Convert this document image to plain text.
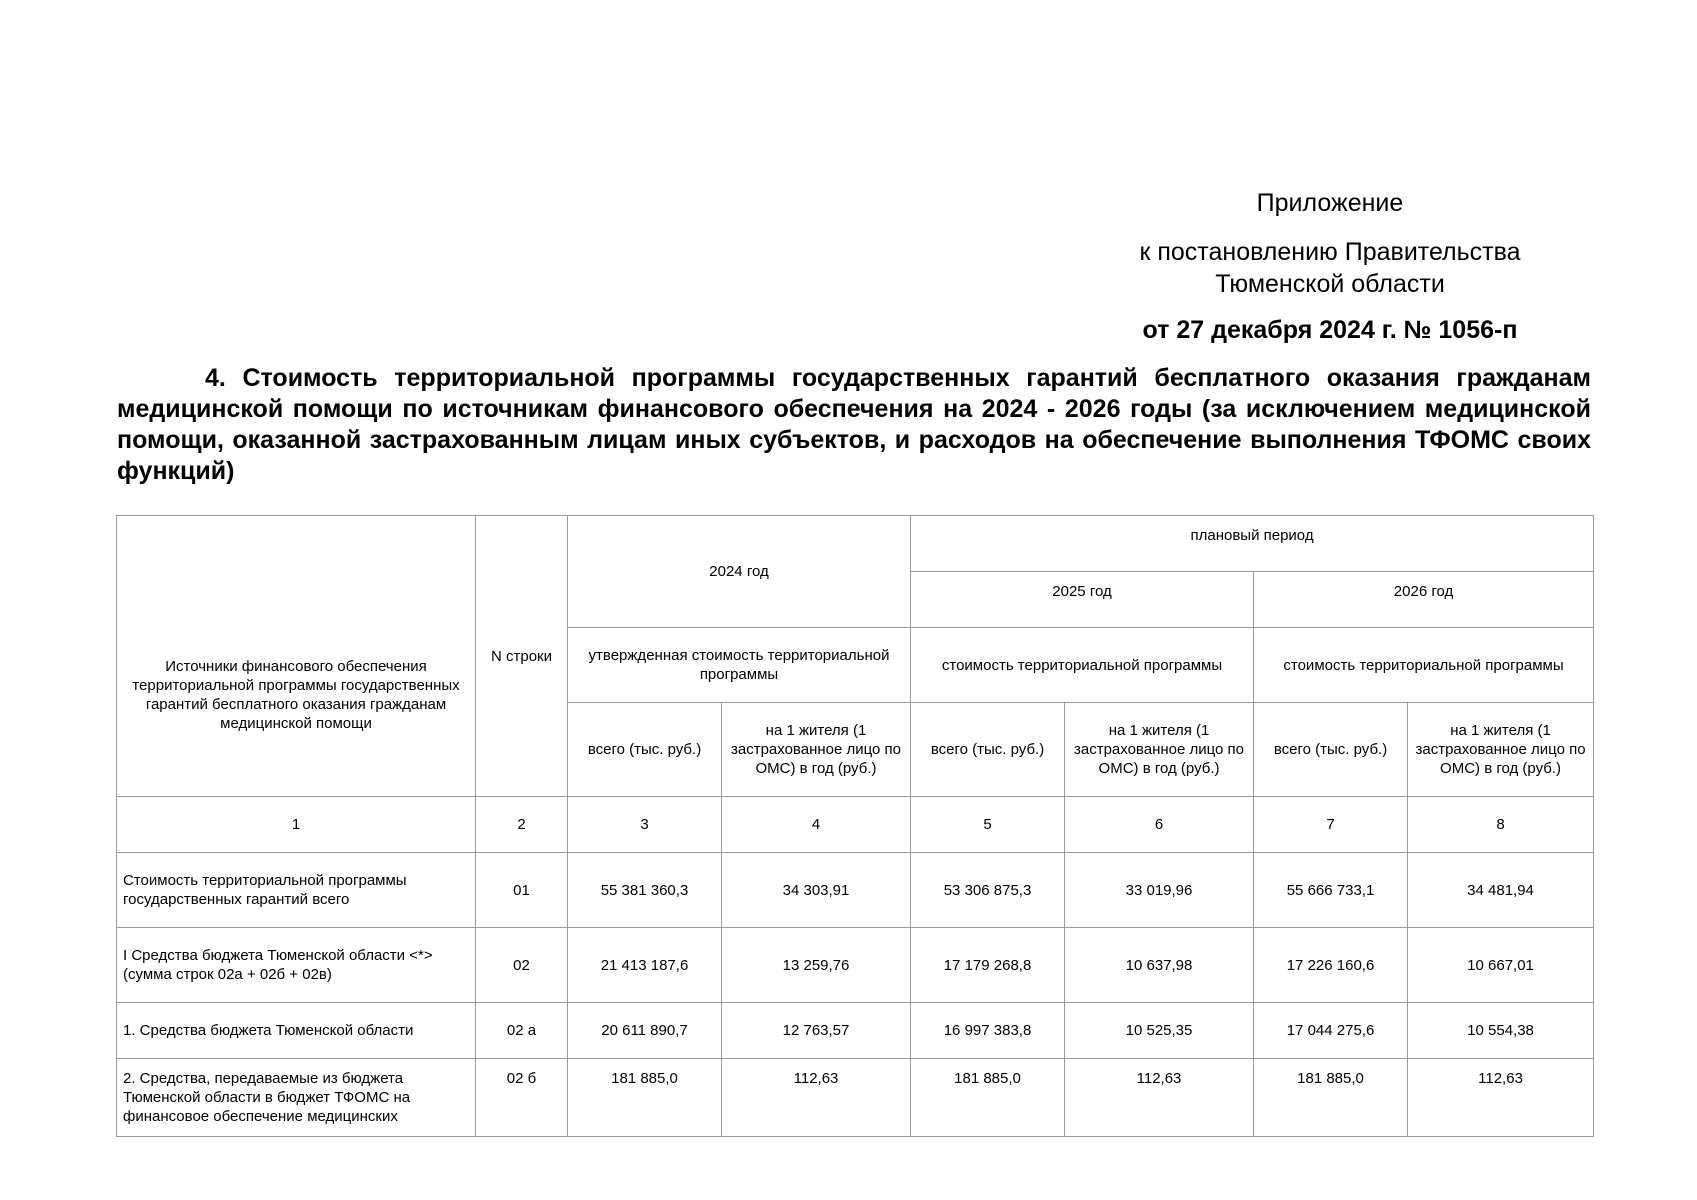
Приложение
к постановлению Правительства
Тюменской области
от 27 декабря 2024 г. № 1056-п
4. Стоимость территориальной программы государственных гарантий бесплатного оказания гражданам медицинской помощи по источникам финансового обеспечения на 2024 - 2026 годы (за исключением медицинской помощи, оказанной застрахованным лицам иных субъектов, и расходов на обеспечение выполнения ТФОМС своих функций)
Источники финансового обеспечения территориальной программы государственных гарантий бесплатного оказания гражданам медицинской помощи	N строки	2024 год		плановый период			
				2025 год		2026 год	
		утвержденная стоимость территориальной программы		стоимость территориальной программы		стоимость территориальной программы	
		всего (тыс. руб.)	на 1 жителя (1 застрахованное лицо по ОМС) в год (руб.)	всего (тыс. руб.)	на 1 жителя (1 застрахованное лицо по ОМС) в год (руб.)	всего (тыс. руб.)	на 1 жителя (1 застрахованное лицо по ОМС) в год (руб.)
1	2	3	4	5	6	7	8
Стоимость территориальной программы государственных гарантий всего	01	55 381 360,3	34 303,91	53 306 875,3	33 019,96	55 666 733,1	34 481,94
I Средства бюджета Тюменской области <*> (сумма строк 02а + 02б + 02в)	02	21 413 187,6	13 259,76	17 179 268,8	10 637,98	17 226 160,6	10 667,01
1. Средства бюджета Тюменской области	02 а	20 611 890,7	12 763,57	16 997 383,8	10 525,35	17 044 275,6	10 554,38
2. Средства, передаваемые из бюджета Тюменской области в бюджет ТФОМС на финансовое обеспечение медицинских	02 б	181 885,0	112,63	181 885,0	112,63	181 885,0	112,63
